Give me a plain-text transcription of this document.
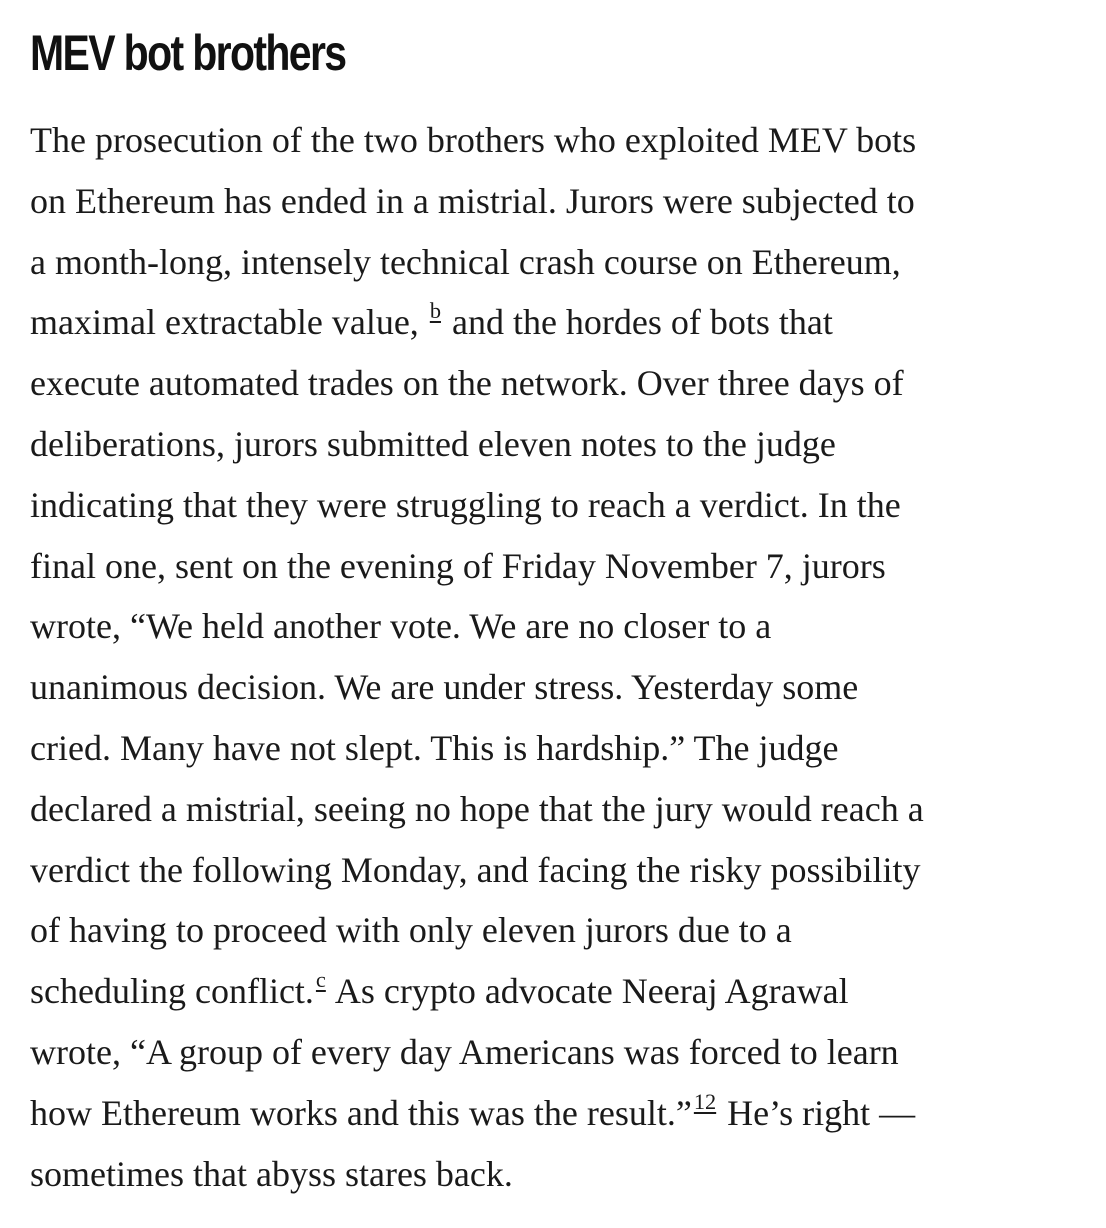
MEV bot brothers
The prosecution of the two brothers who exploited MEV bots
on Ethereum has ended in a mistrial. Jurors were subjected to
a month-long, intensely technical crash course on Ethereum,
maximal extractable value, $^b$ and the hordes of bots that
execute automated trades on the network. Over three days of
deliberations, jurors submitted eleven notes to the judge
indicating that they were struggling to reach a verdict. In the
final one, sent on the evening of Friday November 7, jurors
wrote, “We held another vote. We are no closer to a
unanimous decision. We are under stress. Yesterday some
cried. Many have not slept. This is hardship.” The judge
declared a mistrial, seeing no hope that the jury would reach a
verdict the following Monday, and facing the risky possibility
of having to proceed with only eleven jurors due to a
scheduling conflict.$^c$ As crypto advocate Neeraj Agrawal
wrote, “A group of every day Americans was forced to learn
how Ethereum works and this was the result.”$^{12}$ He’s right —
sometimes that abyss stares back.
